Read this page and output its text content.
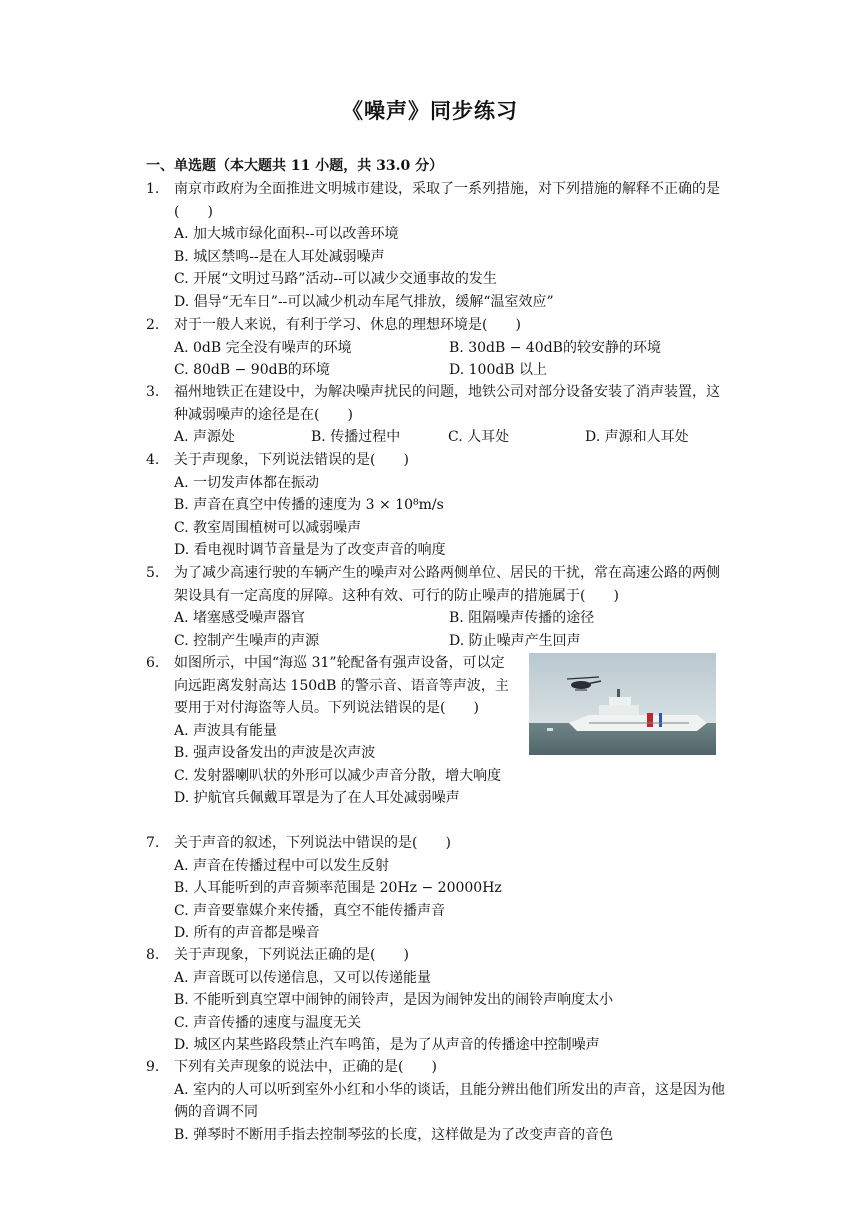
《噪声》同步练习
一、单选题（本大题共 11 小题，共 33.0 分）
1.	南京市政府为全面推进文明城市建设，采取了一系列措施，对下列措施的解释不正确的是(　　)
A. 加大城市绿化面积--可以改善环境
B. 城区禁鸣--是在人耳处减弱噪声
C. 开展“文明过马路”活动--可以减少交通事故的发生
D. 倡导“无车日”--可以减少机动车尾气排放，缓解“温室效应”
2.	对于一般人来说，有利于学习、休息的理想环境是(　　)
A. 0dB 完全没有噪声的环境	B. 30dB − 40dB的较安静的环境
C. 80dB − 90dB的环境	D. 100dB 以上
3.	福州地铁正在建设中，为解决噪声扰民的问题，地铁公司对部分设备安装了消声装置，这种减弱噪声的途径是在(　　)
A. 声源处	B. 传播过程中	C. 人耳处	D. 声源和人耳处
4.	关于声现象，下列说法错误的是(　　)
A. 一切发声体都在振动
B. 声音在真空中传播的速度为 3 × 10⁸m/s
C. 教室周围植树可以减弱噪声
D. 看电视时调节音量是为了改变声音的响度
5.	为了减少高速行驶的车辆产生的噪声对公路两侧单位、居民的干扰，常在高速公路的两侧架设具有一定高度的屏障。这种有效、可行的防止噪声的措施属于(　　)
A. 堵塞感受噪声器官	B. 阻隔噪声传播的途径
C. 控制产生噪声的声源	D. 防止噪声产生回声
6.	如图所示，中国“海巡 31”轮配备有强声设备，可以定向远距离发射高达 150dB 的警示音、语音等声波，主要用于对付海盗等人员。下列说法错误的是(　　)
A. 声波具有能量
B. 强声设备发出的声波是次声波
C. 发射器喇叭状的外形可以减少声音分散，增大响度
D. 护航官兵佩戴耳罩是为了在人耳处减弱噪声
7.	关于声音的叙述，下列说法中错误的是(　　)
A. 声音在传播过程中可以发生反射
B. 人耳能听到的声音频率范围是 20Hz − 20000Hz
C. 声音要靠媒介来传播，真空不能传播声音
D. 所有的声音都是噪音
8.	关于声现象，下列说法正确的是(　　)
A. 声音既可以传递信息，又可以传递能量
B. 不能听到真空罩中闹钟的闹铃声，是因为闹钟发出的闹铃声响度太小
C. 声音传播的速度与温度无关
D. 城区内某些路段禁止汽车鸣笛，是为了从声音的传播途中控制噪声
9.	下列有关声现象的说法中，正确的是(　　)
A. 室内的人可以听到室外小红和小华的谈话，且能分辨出他们所发出的声音，这是因为他俩的音调不同
B. 弹琴时不断用手指去控制琴弦的长度，这样做是为了改变声音的音色
